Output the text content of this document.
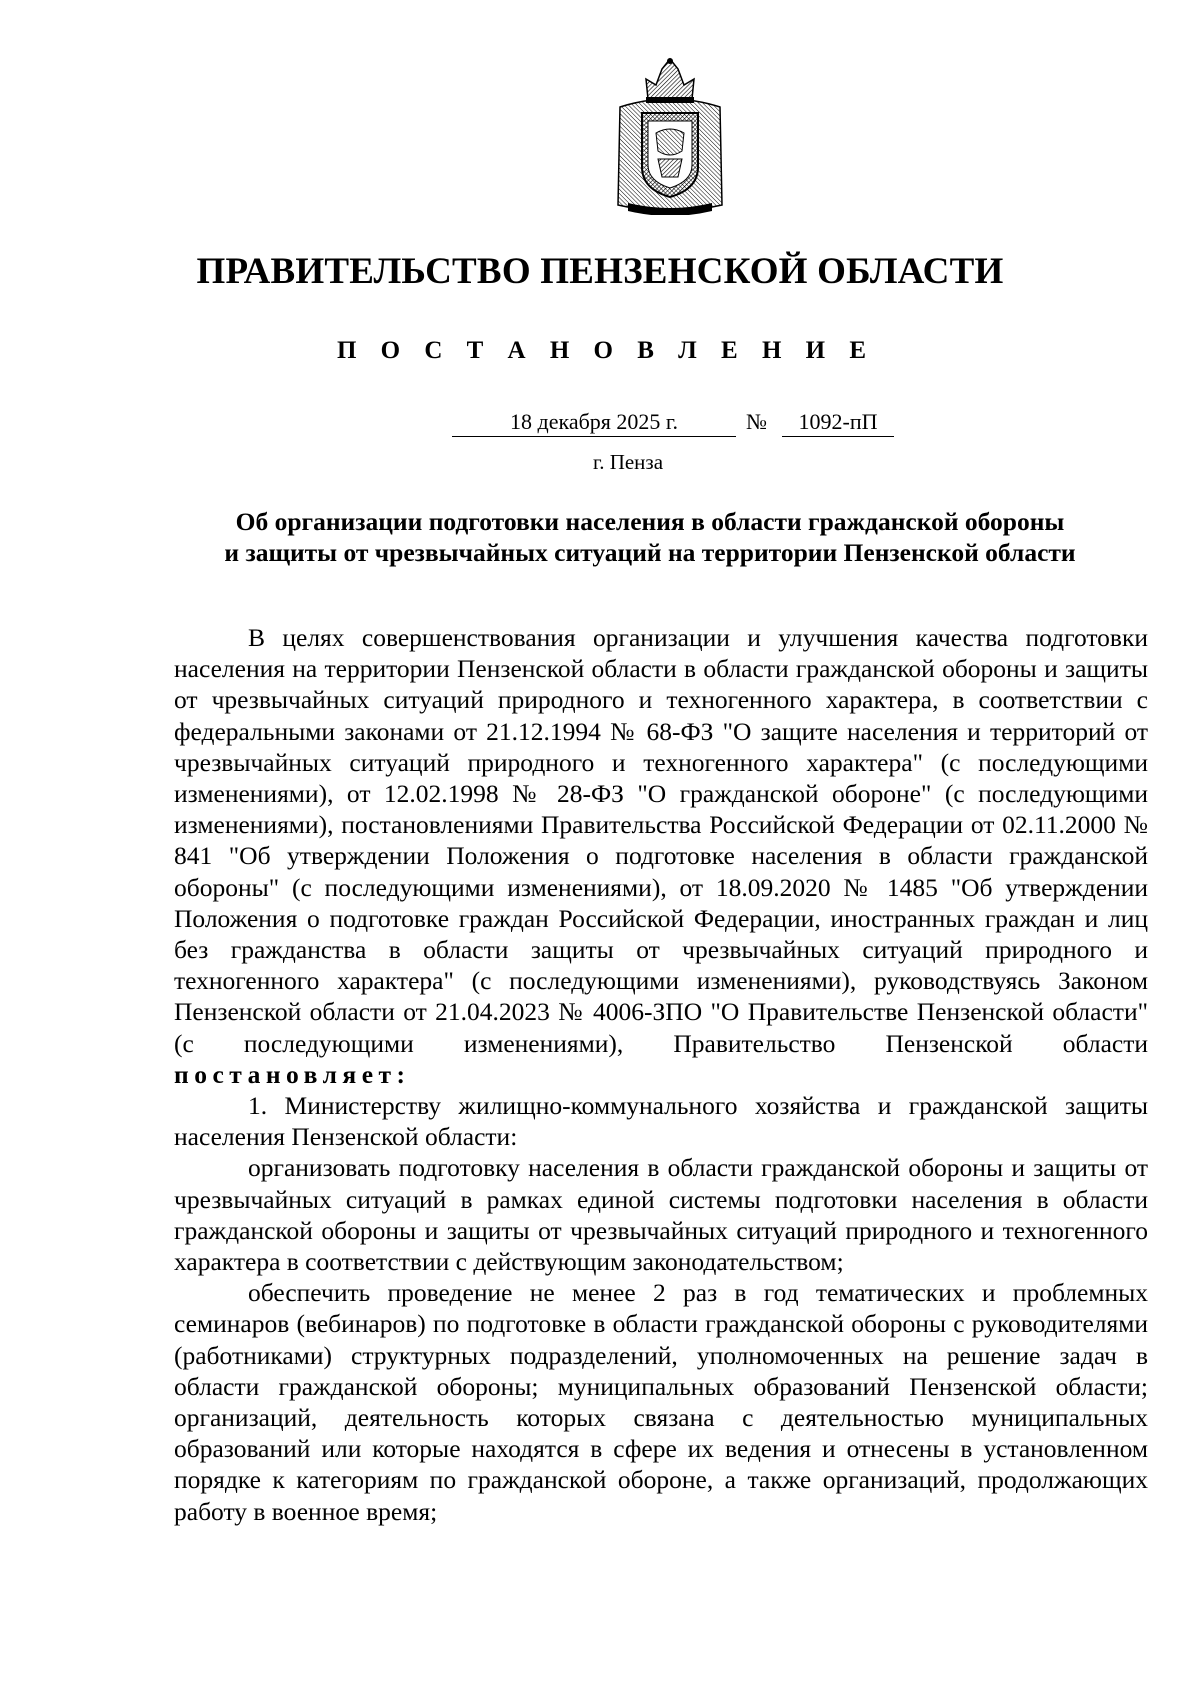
ПРАВИТЕЛЬСТВО ПЕНЗЕНСКОЙ ОБЛАСТИ
П О С Т А Н О В Л Е Н И Е
18 декабря 2025 г.	№	1092-пП
г. Пенза
Об организации подготовки населения в области гражданской обороны
и защиты от чрезвычайных ситуаций на территории Пензенской области

В целях совершенствования организации и улучшения качества подготовки населения на территории Пензенской области в области гражданской обороны и защиты от чрезвычайных ситуаций природного и техногенного характера, в соответствии с федеральными законами от 21.12.1994 № 68-ФЗ "О защите населения и территорий от чрезвычайных ситуаций природного и техногенного характера" (с последующими изменениями), от 12.02.1998 № 28-ФЗ "О гражданской обороне" (с последующими изменениями), постановлениями Правительства Российской Федерации от 02.11.2000 № 841 "Об утверждении Положения о подготовке населения в области гражданской обороны" (с последующими изменениями), от 18.09.2020 № 1485 "Об утверждении Положения о подготовке граждан Российской Федерации, иностранных граждан и лиц без гражданства в области защиты от чрезвычайных ситуаций природного и техногенного характера" (с последующими изменениями), руководствуясь Законом Пензенской области от 21.04.2023 № 4006-ЗПО "О Правительстве Пензенской области" (с последующими изменениями), Правительство Пензенской области

постановляет:

1. Министерству жилищно-коммунального хозяйства и гражданской защиты населения Пензенской области:

организовать подготовку населения в области гражданской обороны и защиты от чрезвычайных ситуаций в рамках единой системы подготовки населения в области гражданской обороны и защиты от чрезвычайных ситуаций природного и техногенного характера в соответствии с действующим законодательством;

обеспечить проведение не менее 2 раз в год тематических и проблемных семинаров (вебинаров) по подготовке в области гражданской обороны с руководителями (работниками) структурных подразделений, уполномоченных на решение задач в области гражданской обороны; муниципальных образований Пензенской области; организаций, деятельность которых связана с деятельностью муниципальных образований или которые находятся в сфере их ведения и отнесены в установленном порядке к категориям по гражданской обороне, а также организаций, продолжающих работу в военное время;
